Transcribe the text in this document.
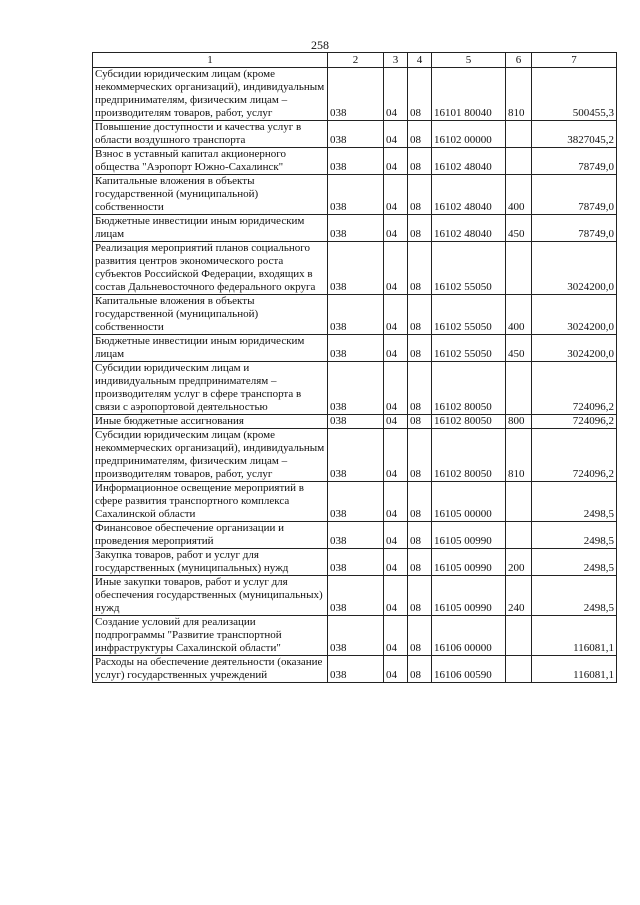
258
1	2	3	4	5	6	7
Субсидии юридическим лицам (кроме некоммерческих организаций), индивидуальным предпринимателям, физическим лицам – производителям товаров, работ, услуг	038	04	08	16101 80040	810	500455,3
Повышение доступности и качества услуг в области воздушного транспорта	038	04	08	16102 00000		3827045,2
Взнос в уставный капитал акционерного общества "Аэропорт Южно-Сахалинск"	038	04	08	16102 48040		78749,0
Капитальные вложения в объекты государственной (муниципальной) собственности	038	04	08	16102 48040	400	78749,0
Бюджетные инвестиции иным юридическим лицам	038	04	08	16102 48040	450	78749,0
Реализация мероприятий планов социального развития центров экономического роста субъектов Российской Федерации, входящих в состав Дальневосточного федерального округа	038	04	08	16102 55050		3024200,0
Капитальные вложения в объекты государственной (муниципальной) собственности	038	04	08	16102 55050	400	3024200,0
Бюджетные инвестиции иным юридическим лицам	038	04	08	16102 55050	450	3024200,0
Субсидии юридическим лицам и индивидуальным предпринимателям – производителям услуг в сфере транспорта в связи с аэропортовой деятельностью	038	04	08	16102 80050		724096,2
Иные бюджетные ассигнования	038	04	08	16102 80050	800	724096,2
Субсидии юридическим лицам (кроме некоммерческих организаций), индивидуальным предпринимателям, физическим лицам – производителям товаров, работ, услуг	038	04	08	16102 80050	810	724096,2
Информационное освещение мероприятий в сфере развития транспортного комплекса Сахалинской области	038	04	08	16105 00000		2498,5
Финансовое обеспечение организации и проведения мероприятий	038	04	08	16105 00990		2498,5
Закупка товаров, работ и услуг для государственных (муниципальных) нужд	038	04	08	16105 00990	200	2498,5
Иные закупки товаров, работ и услуг для обеспечения государственных (муниципальных) нужд	038	04	08	16105 00990	240	2498,5
Создание условий для реализации подпрограммы "Развитие транспортной инфраструктуры Сахалинской области"	038	04	08	16106 00000		116081,1
Расходы на обеспечение деятельности (оказание услуг) государственных учреждений	038	04	08	16106 00590		116081,1
